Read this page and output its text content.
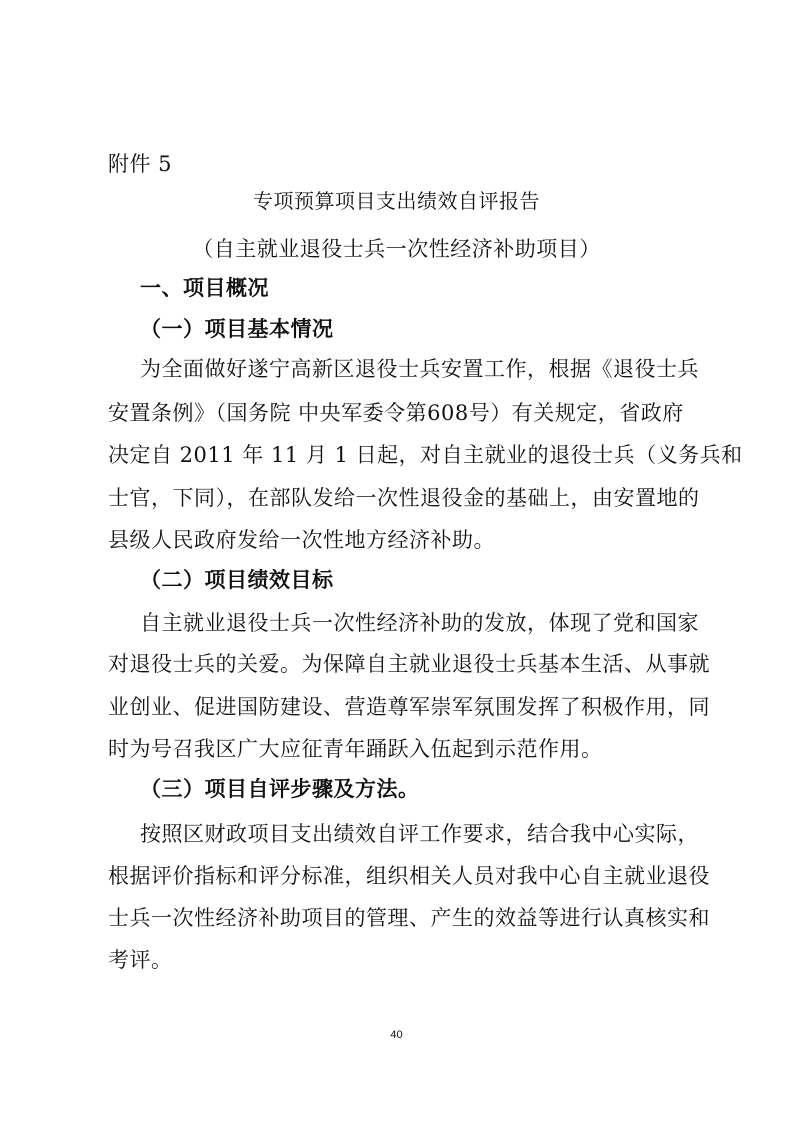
附件 5
专项预算项目支出绩效自评报告
（自主就业退役士兵一次性经济补助项目）
一、项目概况
（一）项目基本情况
为全面做好遂宁高新区退役士兵安置工作，根据《退役士兵
安置条例》（国务院 中央军委令第608号）有关规定，省政府
决定自 2011 年 11 月 1 日起，对自主就业的退役士兵（义务兵和
士官，下同），在部队发给一次性退役金的基础上，由安置地的
县级人民政府发给一次性地方经济补助。
（二）项目绩效目标
自主就业退役士兵一次性经济补助的发放，体现了党和国家
对退役士兵的关爱。为保障自主就业退役士兵基本生活、从事就
业创业、促进国防建设、营造尊军崇军氛围发挥了积极作用，同
时为号召我区广大应征青年踊跃入伍起到示范作用。
（三）项目自评步骤及方法。
按照区财政项目支出绩效自评工作要求，结合我中心实际，
根据评价指标和评分标准，组织相关人员对我中心自主就业退役
士兵一次性经济补助项目的管理、产生的效益等进行认真核实和
考评。
40
